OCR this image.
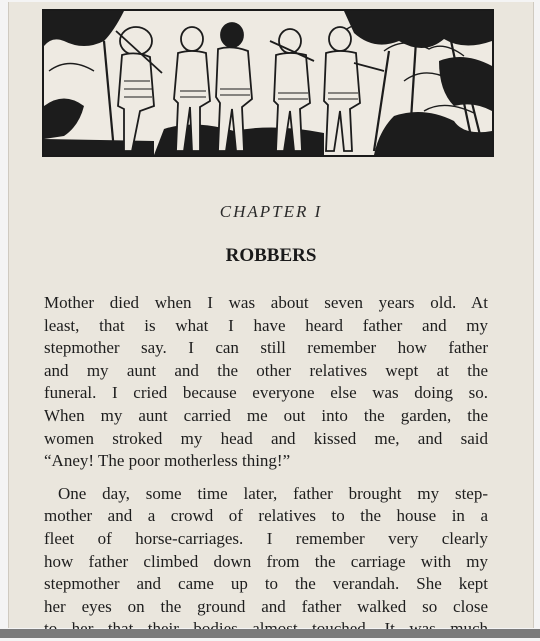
CHAPTER I
ROBBERS
Mother died when I was about seven years old. At
least, that is what I have heard father and my
stepmother say. I can still remember how father
and my aunt and the other relatives wept at the
funeral. I cried because everyone else was doing so.
When my aunt carried me out into the garden, the
women stroked my head and kissed me, and said
“Aney! The poor motherless thing!”
One day, some time later, father brought my step-
mother and a crowd of relatives to the house in a
fleet of horse-carriages. I remember very clearly
how father climbed down from the carriage with my
stepmother and came up to the verandah. She kept
her eyes on the ground and father walked so close
